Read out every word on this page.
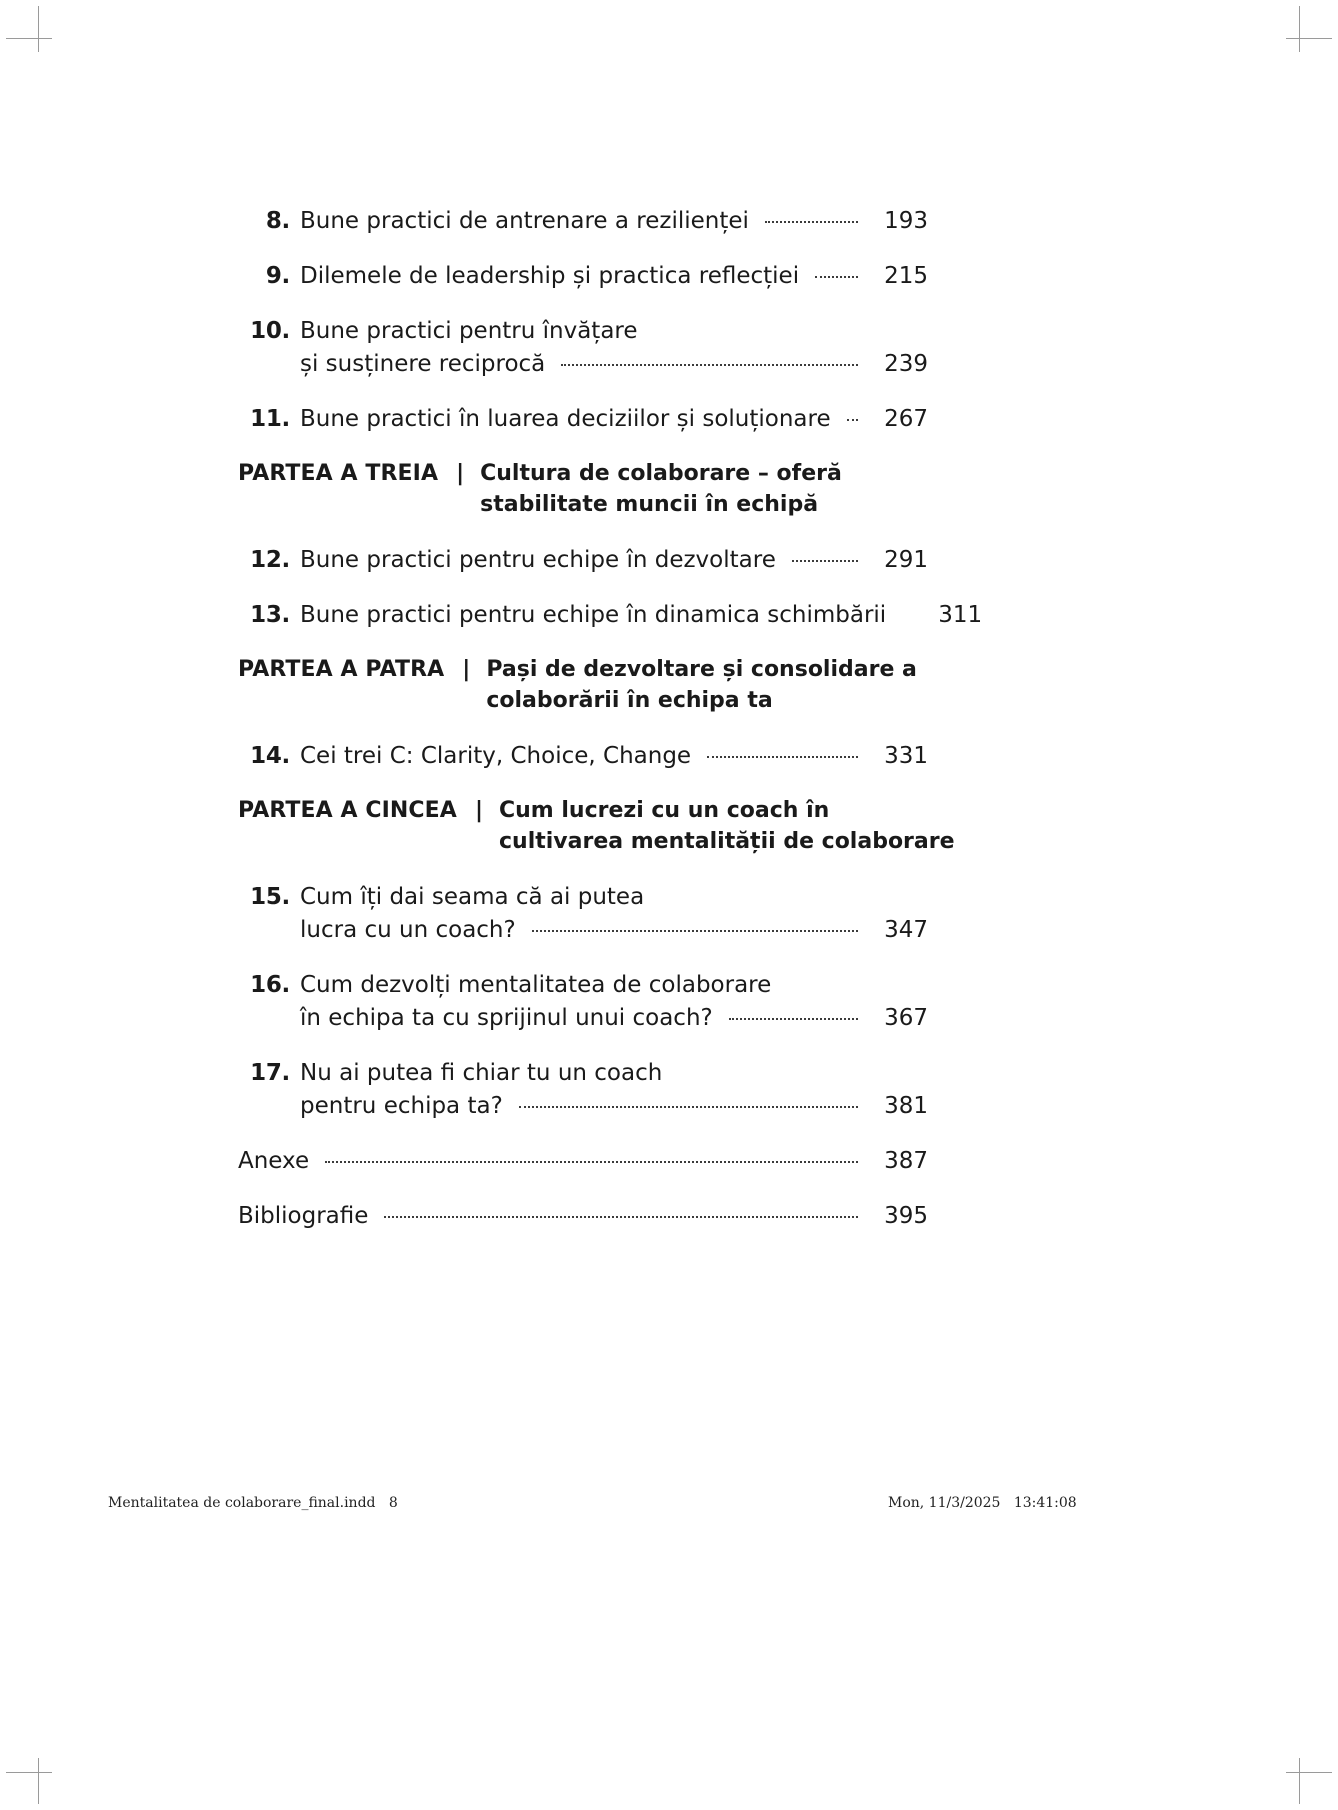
8. Bune practici de antrenare a rezilienței	193
9. Dilemele de leadership și practica reflecției	215
10. Bune practici pentru învățare
și susținere reciprocă	239
11. Bune practici în luarea deciziilor și soluționare	267
PARTEA A TREIA | Cultura de colaborare – oferă
stabilitate muncii în echipă
12. Bune practici pentru echipe în dezvoltare	291
13. Bune practici pentru echipe în dinamica schimbării	311
PARTEA A PATRA | Pași de dezvoltare și consolidare a
colaborării în echipa ta
14. Cei trei C: Clarity, Choice, Change	331
PARTEA A CINCEA | Cum lucrezi cu un coach în
cultivarea mentalității de colaborare
15. Cum îți dai seama că ai putea
lucra cu un coach?	347
16. Cum dezvolți mentalitatea de colaborare
în echipa ta cu sprijinul unui coach?	367
17. Nu ai putea fi chiar tu un coach
pentru echipa ta?	381
Anexe	387
Bibliografie	395
Mentalitatea de colaborare_final.indd   8	Mon, 11/3/2025   13:41:08
